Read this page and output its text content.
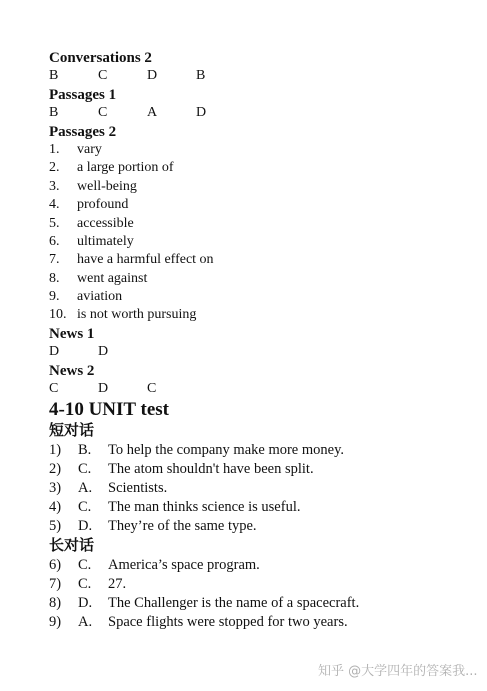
Conversations 2
B	C	D	B
Passages 1
B	C	A	D
Passages 2
1.	vary
2.	a large portion of
3.	well-being
4.	profound
5.	accessible
6.	ultimately
7.	have a harmful effect on
8.	went against
9.	aviation
10. is not worth pursuing
News 1
D	D
News 2
C	D	C
4-10 UNIT test
短对话
1)	B.	To help the company make more money.
2)	C.	The atom shouldn't have been split.
3)	A.	Scientists.
4)	C.	The man thinks science is useful.
5)	D.	They’re of the same type.
长对话
6)	C.	America’s space program.
7)	C.	27.
8)	D.	The Challenger is the name of a spacecraft.
9)	A.	Space flights were stopped for two years.
知乎 @大学四年的答案我...
